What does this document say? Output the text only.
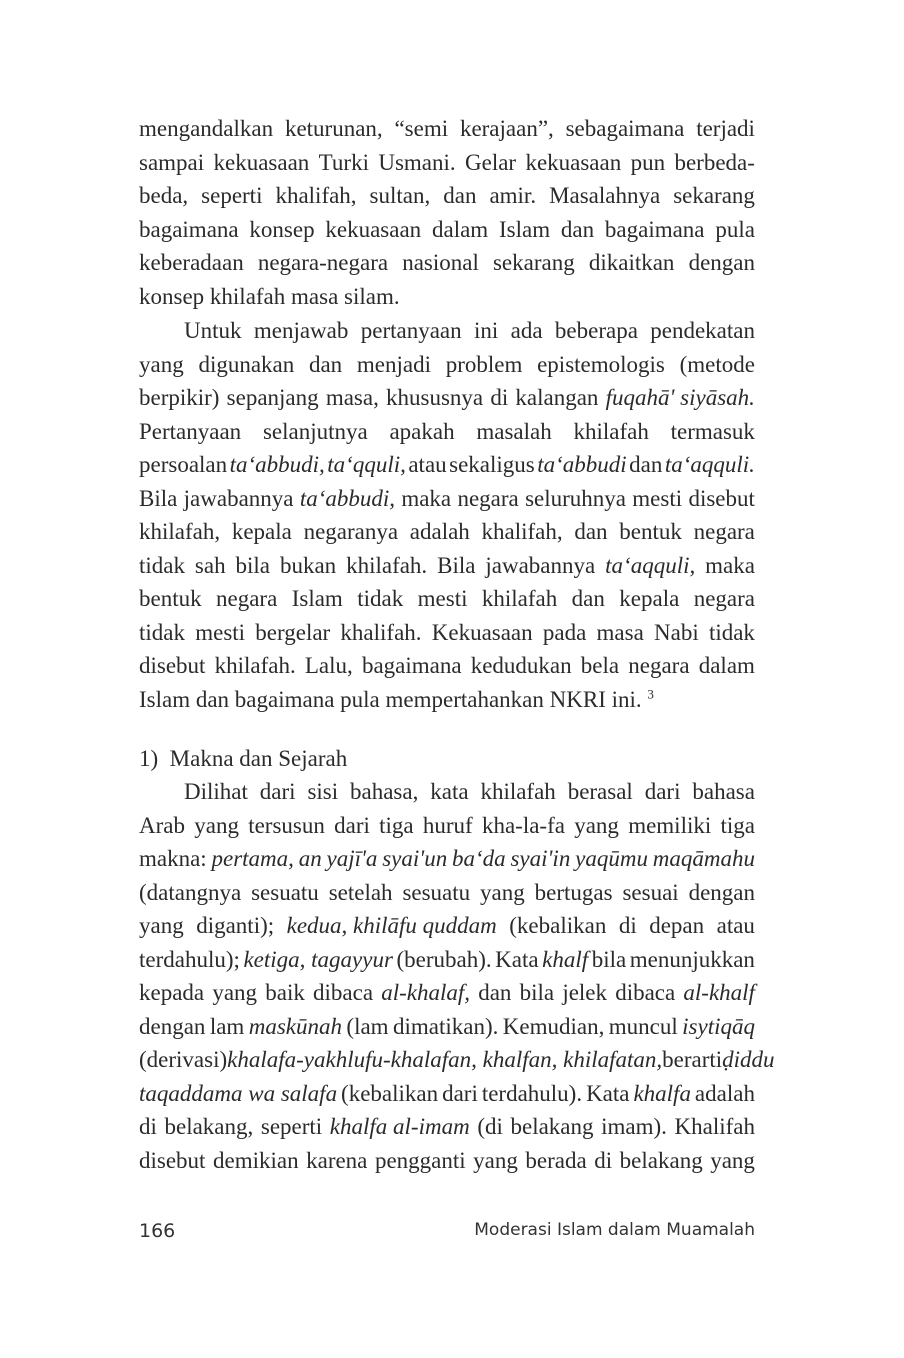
mengandalkan keturunan, “semi kerajaan”, sebagaimana terjadi
sampai kekuasaan Turki Usmani. Gelar kekuasaan pun berbeda-
beda, seperti khalifah, sultan, dan amir. Masalahnya sekarang
bagaimana konsep kekuasaan dalam Islam dan bagaimana pula
keberadaan negara-negara nasional sekarang dikaitkan dengan
konsep khilafah masa silam.
Untuk menjawab pertanyaan ini ada beberapa pendekatan
yang digunakan dan menjadi problem epistemologis (metode
berpikir) sepanjang masa, khususnya di kalangan fuqahā' siyāsah.
Pertanyaan selanjutnya apakah masalah khilafah termasuk
persoalan ta‘abbudi, ta‘qquli, atau sekaligus ta‘abbudi dan ta‘aqquli.
Bila jawabannya ta‘abbudi, maka negara seluruhnya mesti disebut
khilafah, kepala negaranya adalah khalifah, dan bentuk negara
tidak sah bila bukan khilafah. Bila jawabannya ta‘aqquli, maka
bentuk negara Islam tidak mesti khilafah dan kepala negara
tidak mesti bergelar khalifah. Kekuasaan pada masa Nabi tidak
disebut khilafah. Lalu, bagaimana kedudukan bela negara dalam
Islam dan bagaimana pula mempertahankan NKRI ini. $^3$
1)  Makna dan Sejarah
Dilihat dari sisi bahasa, kata khilafah berasal dari bahasa
Arab yang tersusun dari tiga huruf kha-la-fa yang memiliki tiga
makna: pertama, an yajī'a syai'un ba‘da syai'in yaqūmu maqāmahu
(datangnya sesuatu setelah sesuatu yang bertugas sesuai dengan
yang diganti); kedua, khilāfu quddam (kebalikan di depan atau
terdahulu); ketiga, tagayyur (berubah). Kata khalf bila menunjukkan
kepada yang baik dibaca al-khalaf, dan bila jelek dibaca al-khalf
dengan lam maskūnah (lam dimatikan). Kemudian, muncul isytiqāq
(derivasi) khalafa-yakhlufu-khalafan, khalfan, khilafatan, berarti ḍiddu
taqaddama wa salafa (kebalikan dari terdahulu). Kata khalfa adalah
di belakang, seperti khalfa al-imam (di belakang imam). Khalifah
disebut demikian karena pengganti yang berada di belakang yang
166	Moderasi Islam dalam Muamalah
